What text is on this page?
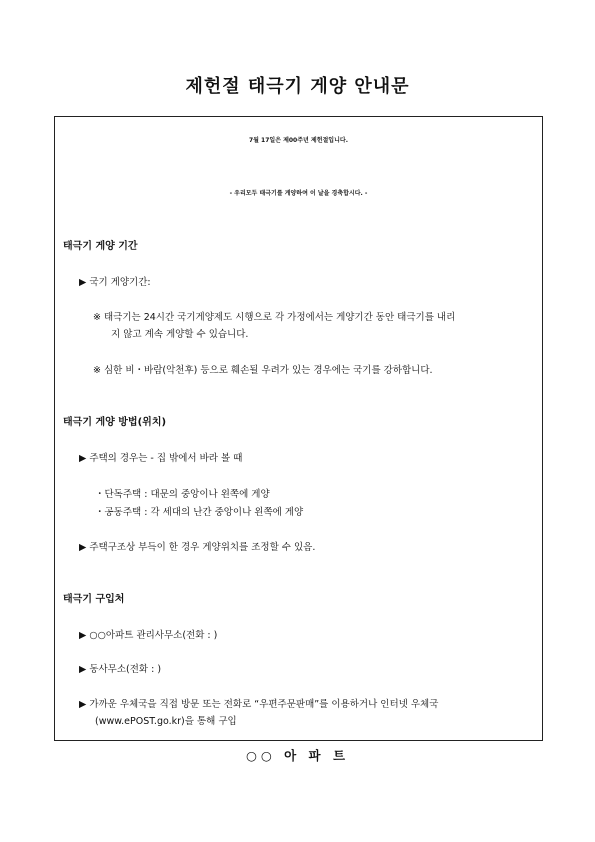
제헌절 태극기 게양 안내문
7월 17일은 제00주년 제헌절입니다.
- 우리모두 태극기를 게양하여 이 날을 경축합시다. -
태극기 게양 기간
▶ 국기 게양기간:
※ 태극기는 24시간 국기게양제도 시행으로 각 가정에서는 게양기간 동안 태극기를 내리
지 않고 계속 게양할 수 있습니다.
※ 심한 비・바람(악천후) 등으로 훼손될 우려가 있는 경우에는 국기를 강하합니다.
태극기 게양 방법(위치)
▶ 주택의 경우는 - 집 밖에서 바라 볼 때
・단독주택 : 대문의 중앙이나 왼쪽에 게양
・공동주택 : 각 세대의 난간 중앙이나 왼쪽에 게양
▶ 주택구조상 부득이 한 경우 게양위치를 조정할 수 있음.
태극기 구입처
▶ ○○아파트 관리사무소(전화 : )
▶ 동사무소(전화 : )
▶ 가까운 우체국을 직접 방문 또는 전화로 “우편주문판매”를 이용하거나 인터넷 우체국
(www.ePOST.go.kr)을 통해 구입
○○ 아 파 트
